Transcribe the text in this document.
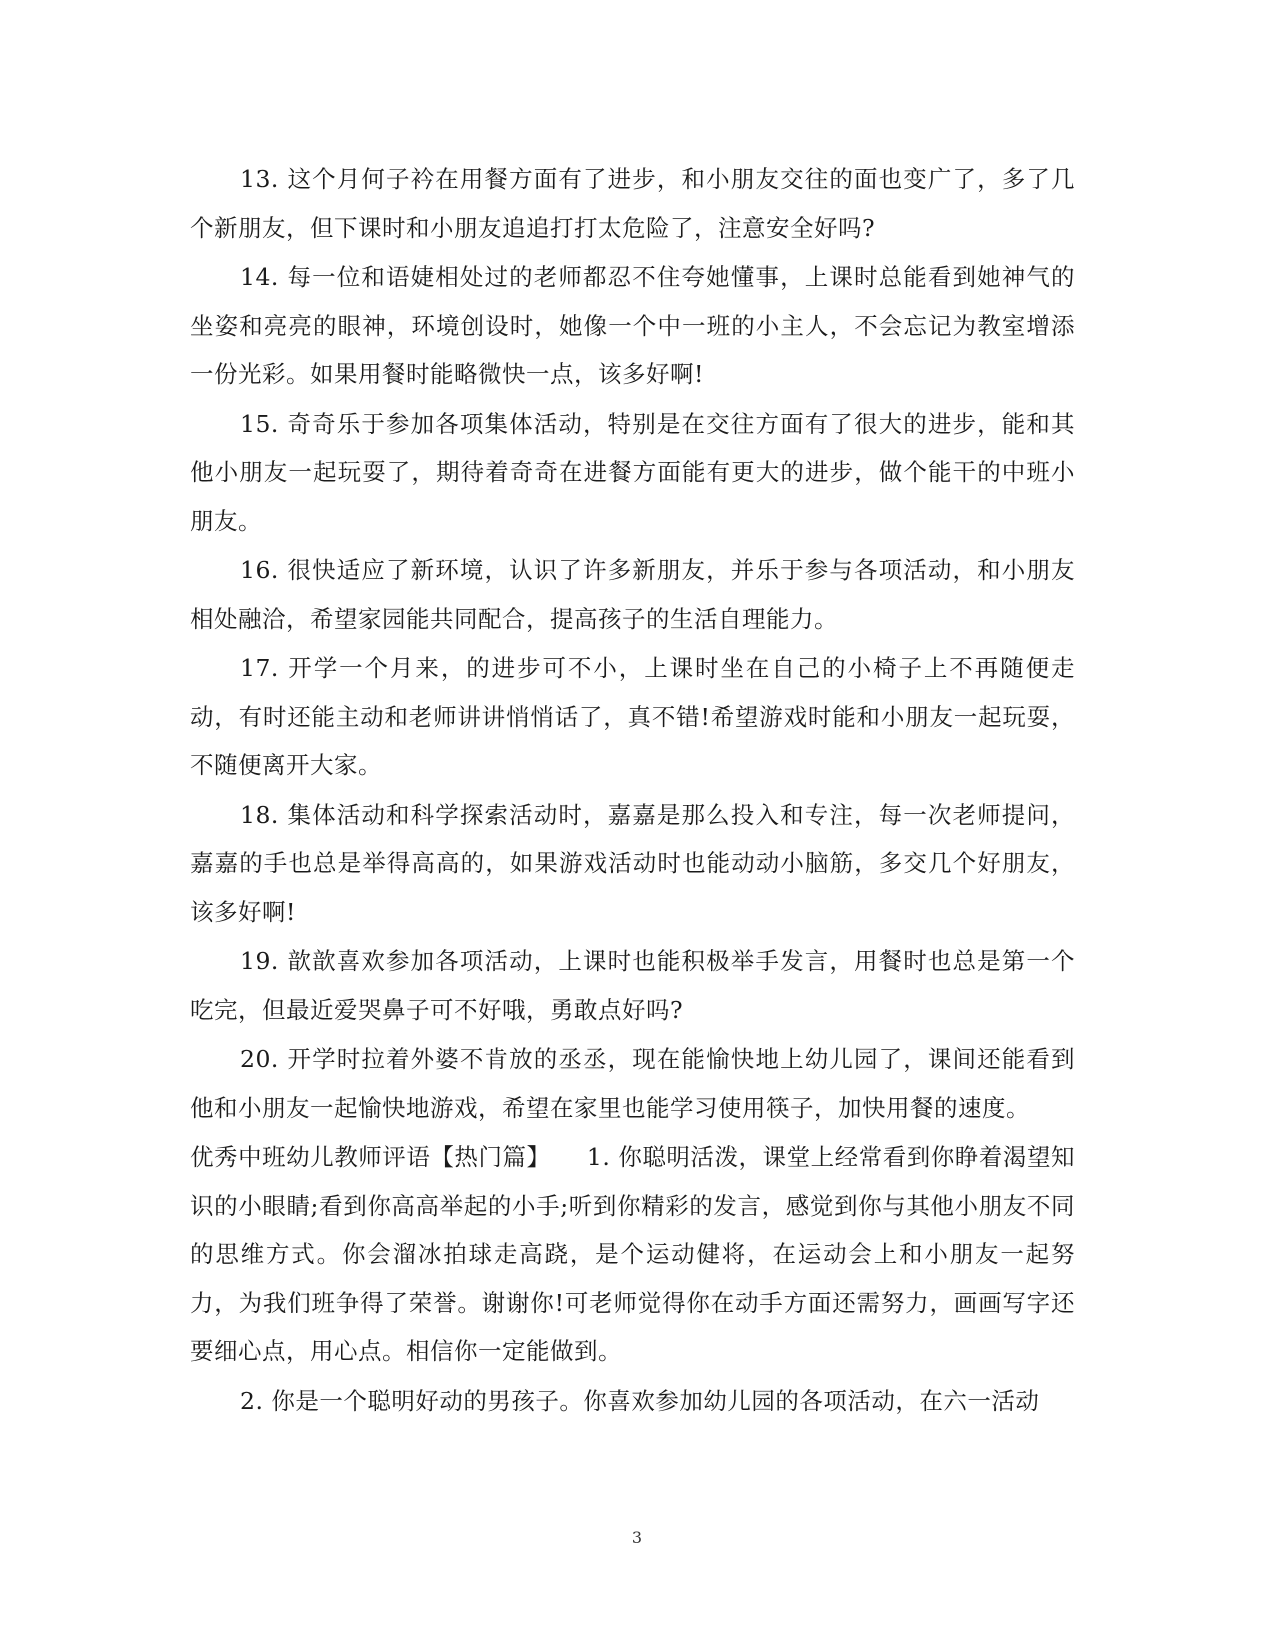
13. 这个月何子衿在用餐方面有了进步，和小朋友交往的面也变广了，多了几个新朋友，但下课时和小朋友追追打打太危险了，注意安全好吗?

14. 每一位和语婕相处过的老师都忍不住夸她懂事，上课时总能看到她神气的坐姿和亮亮的眼神，环境创设时，她像一个中一班的小主人，不会忘记为教室增添一份光彩。如果用餐时能略微快一点，该多好啊!

15. 奇奇乐于参加各项集体活动，特别是在交往方面有了很大的进步，能和其他小朋友一起玩耍了，期待着奇奇在进餐方面能有更大的进步，做个能干的中班小朋友。

16. 很快适应了新环境，认识了许多新朋友，并乐于参与各项活动，和小朋友相处融洽，希望家园能共同配合，提高孩子的生活自理能力。

17. 开学一个月来，的进步可不小，上课时坐在自己的小椅子上不再随便走动，有时还能主动和老师讲讲悄悄话了，真不错!希望游戏时能和小朋友一起玩耍，不随便离开大家。

18. 集体活动和科学探索活动时，嘉嘉是那么投入和专注，每一次老师提问，嘉嘉的手也总是举得高高的，如果游戏活动时也能动动小脑筋，多交几个好朋友，该多好啊!

19. 歆歆喜欢参加各项活动，上课时也能积极举手发言，用餐时也总是第一个吃完，但最近爱哭鼻子可不好哦，勇敢点好吗?

20. 开学时拉着外婆不肯放的丞丞，现在能愉快地上幼儿园了，课间还能看到他和小朋友一起愉快地游戏，希望在家里也能学习使用筷子，加快用餐的速度。

优秀中班幼儿教师评语【热门篇】　　1. 你聪明活泼，课堂上经常看到你睁着渴望知识的小眼睛;看到你高高举起的小手;听到你精彩的发言，感觉到你与其他小朋友不同的思维方式。你会溜冰拍球走高跷，是个运动健将，在运动会上和小朋友一起努力，为我们班争得了荣誉。谢谢你!可老师觉得你在动手方面还需努力，画画写字还要细心点，用心点。相信你一定能做到。

2. 你是一个聪明好动的男孩子。你喜欢参加幼儿园的各项活动，在六一活动

3
